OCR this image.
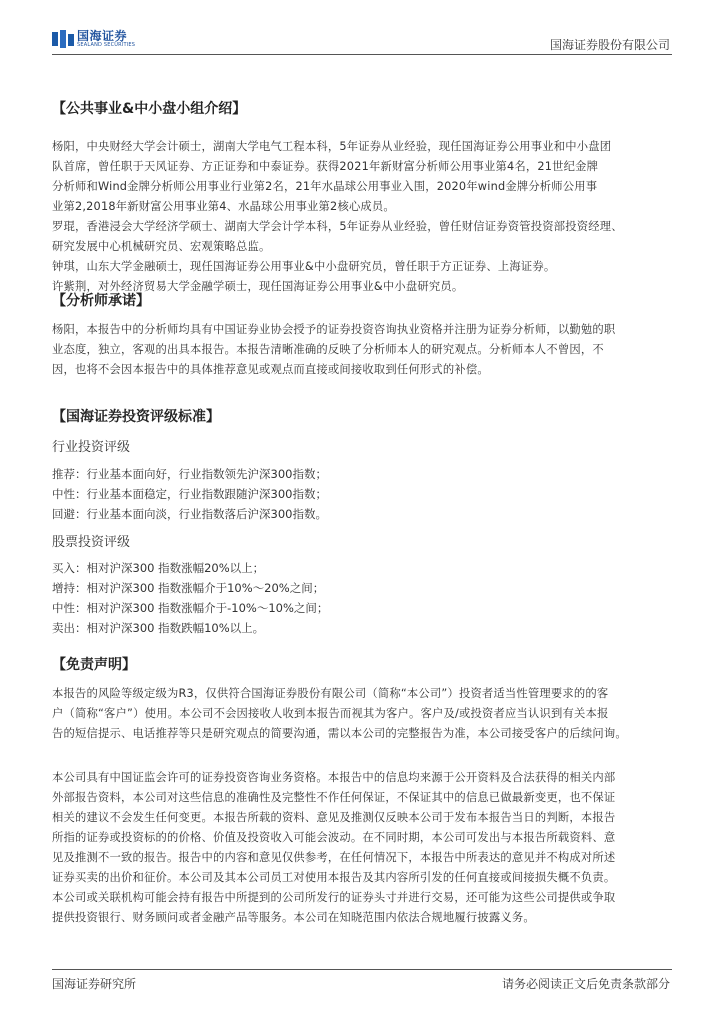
国海证券
SEALAND SECURITIES	国海证券股份有限公司
【公共事业&中小盘小组介绍】
杨阳，中央财经大学会计硕士，湖南大学电气工程本科，5年证券从业经验，现任国海证券公用事业和中小盘团
队首席，曾任职于天风证券、方正证券和中泰证券。获得2021年新财富分析师公用事业第4名，21世纪金牌
分析师和Wind金牌分析师公用事业行业第2名，21年水晶球公用事业入围，2020年wind金牌分析师公用事
业第2,2018年新财富公用事业第4、水晶球公用事业第2核心成员。
罗琨，香港浸会大学经济学硕士、湖南大学会计学本科，5年证券从业经验，曾任财信证券资管投资部投资经理、
研究发展中心机械研究员、宏观策略总监。
钟琪，山东大学金融硕士，现任国海证券公用事业&中小盘研究员，曾任职于方正证券、上海证券。
许紫荆，对外经济贸易大学金融学硕士，现任国海证券公用事业&中小盘研究员。
【分析师承诺】
杨阳，本报告中的分析师均具有中国证券业协会授予的证券投资咨询执业资格并注册为证券分析师，以勤勉的职
业态度，独立，客观的出具本报告。本报告清晰准确的反映了分析师本人的研究观点。分析师本人不曾因，不
因，也将不会因本报告中的具体推荐意见或观点而直接或间接收取到任何形式的补偿。
【国海证券投资评级标准】
行业投资评级
推荐：行业基本面向好，行业指数领先沪深300指数；
中性：行业基本面稳定，行业指数跟随沪深300指数；
回避：行业基本面向淡，行业指数落后沪深300指数。
股票投资评级
买入：相对沪深300 指数涨幅20%以上；
增持：相对沪深300 指数涨幅介于10%～20%之间；
中性：相对沪深300 指数涨幅介于-10%～10%之间；
卖出：相对沪深300 指数跌幅10%以上。
【免责声明】
本报告的风险等级定级为R3，仅供符合国海证券股份有限公司（简称“本公司”）投资者适当性管理要求的的客
户（简称“客户”）使用。本公司不会因接收人收到本报告而视其为客户。客户及/或投资者应当认识到有关本报
告的短信提示、电话推荐等只是研究观点的简要沟通，需以本公司的完整报告为准，本公司接受客户的后续问询。
本公司具有中国证监会许可的证券投资咨询业务资格。本报告中的信息均来源于公开资料及合法获得的相关内部
外部报告资料，本公司对这些信息的准确性及完整性不作任何保证，不保证其中的信息已做最新变更，也不保证
相关的建议不会发生任何变更。本报告所载的资料、意见及推测仅反映本公司于发布本报告当日的判断，本报告
所指的证券或投资标的的价格、价值及投资收入可能会波动。在不同时期，本公司可发出与本报告所载资料、意
见及推测不一致的报告。报告中的内容和意见仅供参考，在任何情况下，本报告中所表达的意见并不构成对所述
证券买卖的出价和征价。本公司及其本公司员工对使用本报告及其内容所引发的任何直接或间接损失概不负责。
本公司或关联机构可能会持有报告中所提到的公司所发行的证券头寸并进行交易，还可能为这些公司提供或争取
提供投资银行、财务顾问或者金融产品等服务。本公司在知晓范围内依法合规地履行披露义务。
国海证券研究所	请务必阅读正文后免责条款部分
